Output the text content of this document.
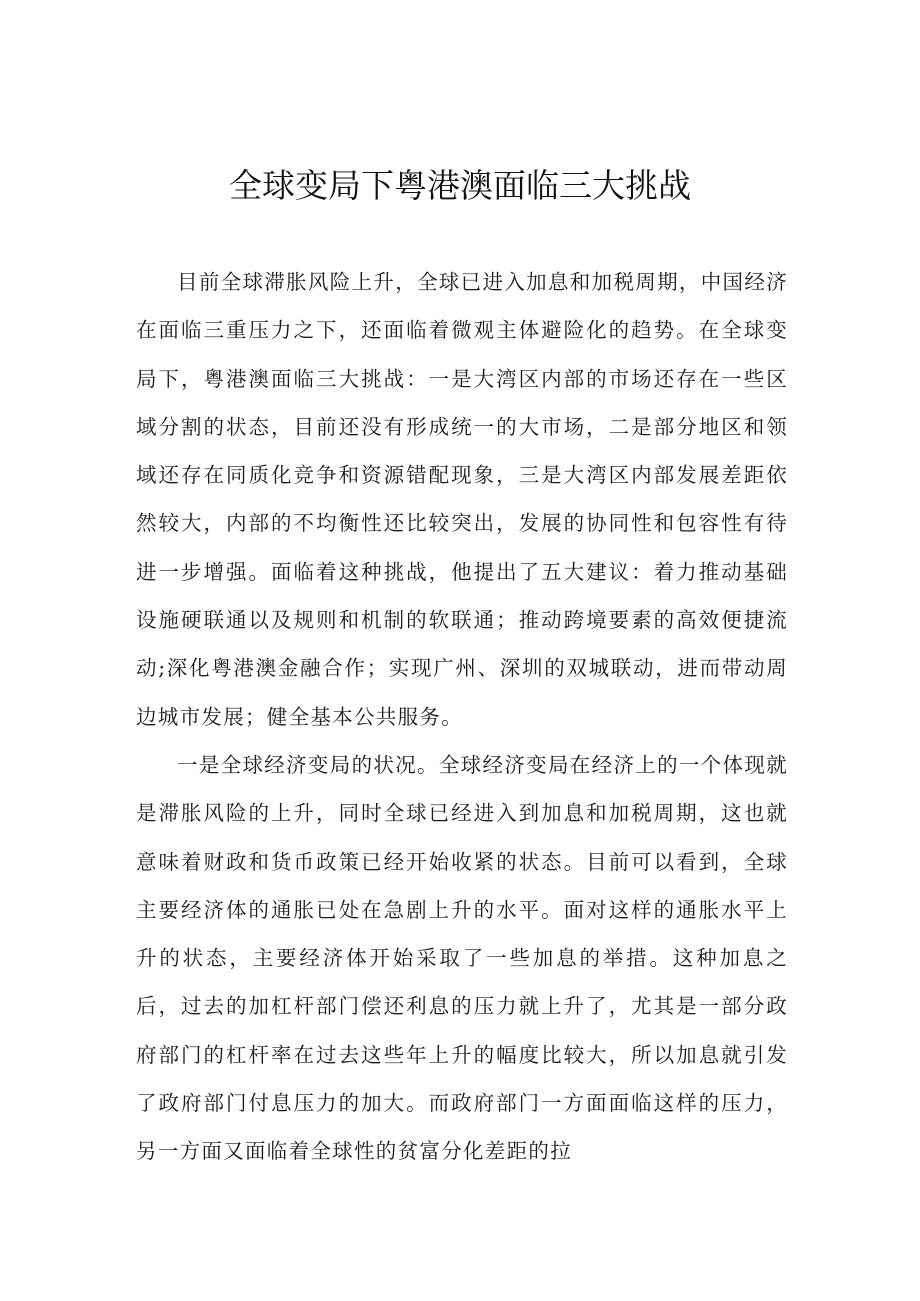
全球变局下粤港澳面临三大挑战

目前全球滞胀风险上升，全球已进入加息和加税周期，中国经济在面临三重压力之下，还面临着微观主体避险化的趋势。在全球变局下，粤港澳面临三大挑战：一是大湾区内部的市场还存在一些区域分割的状态，目前还没有形成统一的大市场，二是部分地区和领域还存在同质化竞争和资源错配现象，三是大湾区内部发展差距依然较大，内部的不均衡性还比较突出，发展的协同性和包容性有待进一步增强。面临着这种挑战，他提出了五大建议：着力推动基础设施硬联通以及规则和机制的软联通；推动跨境要素的高效便捷流动;深化粤港澳金融合作；实现广州、深圳的双城联动，进而带动周边城市发展；健全基本公共服务。

一是全球经济变局的状况。全球经济变局在经济上的一个体现就是滞胀风险的上升，同时全球已经进入到加息和加税周期，这也就意味着财政和货币政策已经开始收紧的状态。目前可以看到，全球主要经济体的通胀已处在急剧上升的水平。面对这样的通胀水平上升的状态，主要经济体开始采取了一些加息的举措。这种加息之后，过去的加杠杆部门偿还利息的压力就上升了，尤其是一部分政府部门的杠杆率在过去这些年上升的幅度比较大，所以加息就引发了政府部门付息压力的加大。而政府部门一方面面临这样的压力，另一方面又面临着全球性的贫富分化差距的拉
